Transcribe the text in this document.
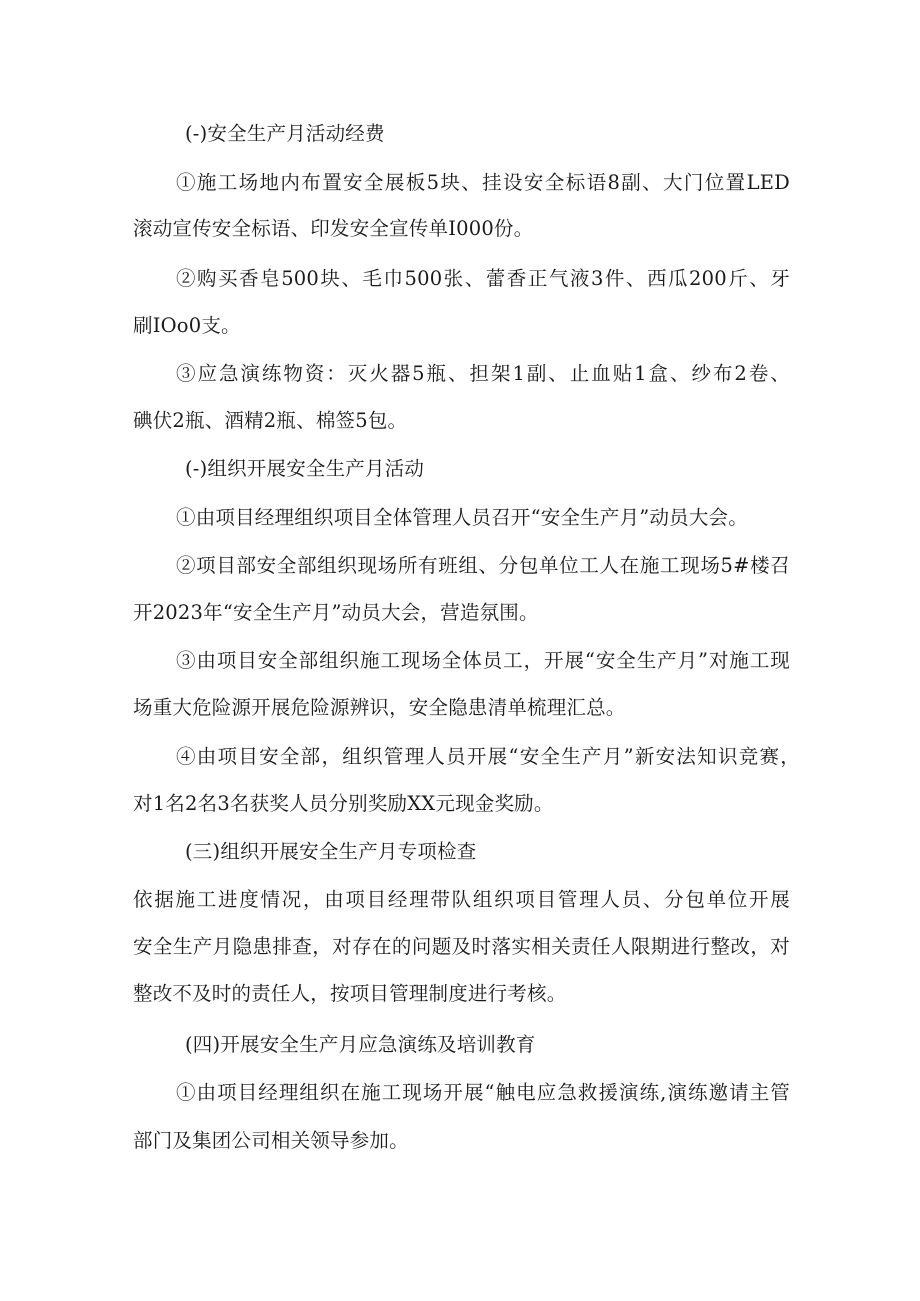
(-)安全生产月活动经费
①施工场地内布置安全展板5块、挂设安全标语8副、大门位置LED
滚动宣传安全标语、印发安全宣传单I000份。
②购买香皂500块、毛巾500张、蕾香正气液3件、西瓜200斤、牙
刷IOo0支。
③应急演练物资：灭火器5瓶、担架1副、止血贴1盒、纱布2卷、
碘伏2瓶、酒精2瓶、棉签5包。
(-)组织开展安全生产月活动
①由项目经理组织项目全体管理人员召开“安全生产月”动员大会。
②项目部安全部组织现场所有班组、分包单位工人在施工现场5#楼召
开2023年“安全生产月”动员大会，营造氛围。
③由项目安全部组织施工现场全体员工，开展“安全生产月”对施工现
场重大危险源开展危险源辨识，安全隐患清单梳理汇总。
④由项目安全部，组织管理人员开展“安全生产月”新安法知识竞赛，
对1名2名3名获奖人员分别奖励XX元现金奖励。
(三)组织开展安全生产月专项检查
依据施工进度情况，由项目经理带队组织项目管理人员、分包单位开展
安全生产月隐患排查，对存在的问题及时落实相关责任人限期进行整改，对
整改不及时的责任人，按项目管理制度进行考核。
(四)开展安全生产月应急演练及培训教育
①由项目经理组织在施工现场开展“触电应急救援演练,演练邀请主管
部门及集团公司相关领导参加。
